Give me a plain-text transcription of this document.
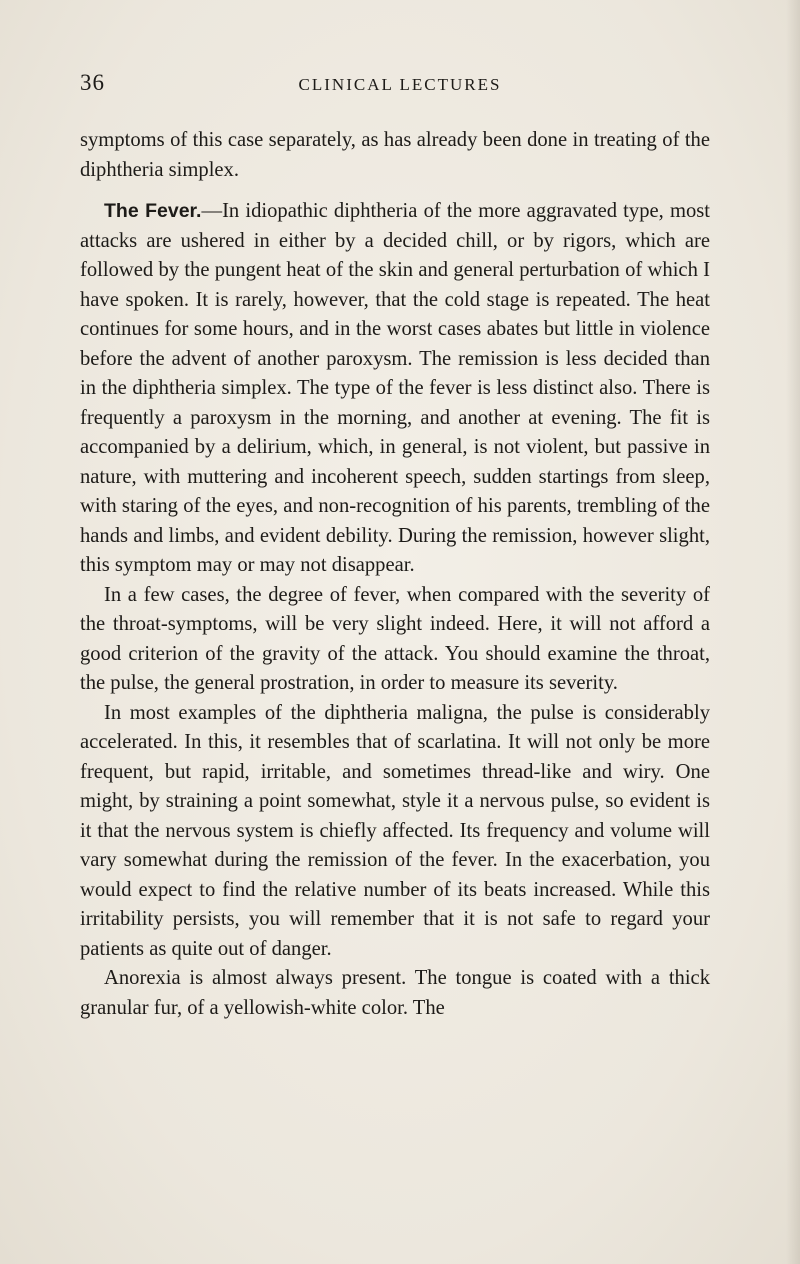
36	CLINICAL LECTURES

symptoms of this case separately, as has already been done in treating of the diphtheria simplex.

The Fever.—In idiopathic diphtheria of the more aggravated type, most attacks are ushered in either by a decided chill, or by rigors, which are followed by the pungent heat of the skin and general perturbation of which I have spoken. It is rarely, however, that the cold stage is repeated. The heat continues for some hours, and in the worst cases abates but little in violence before the advent of another paroxysm. The remission is less decided than in the diphtheria simplex. The type of the fever is less distinct also. There is frequently a paroxysm in the morning, and another at evening. The fit is accompanied by a delirium, which, in general, is not violent, but passive in nature, with muttering and incoherent speech, sudden startings from sleep, with staring of the eyes, and non-recognition of his parents, trembling of the hands and limbs, and evident debility. During the remission, however slight, this symptom may or may not disappear.

In a few cases, the degree of fever, when compared with the severity of the throat-symptoms, will be very slight indeed. Here, it will not afford a good criterion of the gravity of the attack. You should examine the throat, the pulse, the general prostration, in order to measure its severity.

In most examples of the diphtheria maligna, the pulse is considerably accelerated. In this, it resembles that of scarlatina. It will not only be more frequent, but rapid, irritable, and sometimes thread-like and wiry. One might, by straining a point somewhat, style it a nervous pulse, so evident is it that the nervous system is chiefly affected. Its frequency and volume will vary somewhat during the remission of the fever. In the exacerbation, you would expect to find the relative number of its beats increased. While this irritability persists, you will remember that it is not safe to regard your patients as quite out of danger.

Anorexia is almost always present. The tongue is coated with a thick granular fur, of a yellowish-white color. The
